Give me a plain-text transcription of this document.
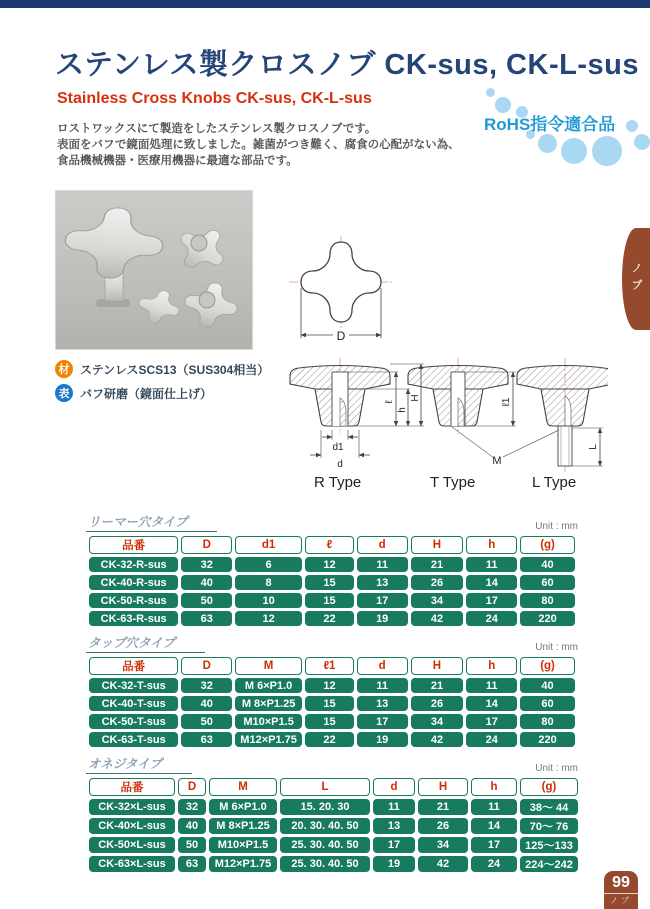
ステンレス製クロスノブ CK-sus, CK-L-sus
Stainless Cross Knobs CK-sus, CK-L-sus
RoHS指令適合品
ロストワックスにて製造をしたステンレス製クロスノブです。
表面をバフで鏡面処理に致しました。雑菌がつき難く、腐食の心配がない為、
食品機械機器・医療用機器に最適な部品です。
D
ℓ
h
H
d1
d
ℓ1
L
M
R Type	T Type	L Type
材 ステンレスSCS13（SUS304相当）
表 バフ研磨（鏡面仕上げ）
リーマー穴タイプ	Unit : mm
品番	D	d1	ℓ	d	H	h	(g)
CK-32-R-sus	32	6	12	11	21	11	40
CK-40-R-sus	40	8	15	13	26	14	60
CK-50-R-sus	50	10	15	17	34	17	80
CK-63-R-sus	63	12	22	19	42	24	220
タップ穴タイプ	Unit : mm
品番	D	M	ℓ1	d	H	h	(g)
CK-32-T-sus	32	M 6×P1.0	12	11	21	11	40
CK-40-T-sus	40	M 8×P1.25	15	13	26	14	60
CK-50-T-sus	50	M10×P1.5	15	17	34	17	80
CK-63-T-sus	63	M12×P1.75	22	19	42	24	220
オネジタイプ	Unit : mm
品番	D	M	L	d	H	h	(g)
CK-32×L-sus	32	M 6×P1.0	15. 20. 30	11	21	11	38～ 44
CK-40×L-sus	40	M 8×P1.25	20. 30. 40. 50	13	26	14	70～ 76
CK-50×L-sus	50	M10×P1.5	25. 30. 40. 50	17	34	17	125～133
CK-63×L-sus	63	M12×P1.75	25. 30. 40. 50	19	42	24	224～242
ノブ
99
ノブ
